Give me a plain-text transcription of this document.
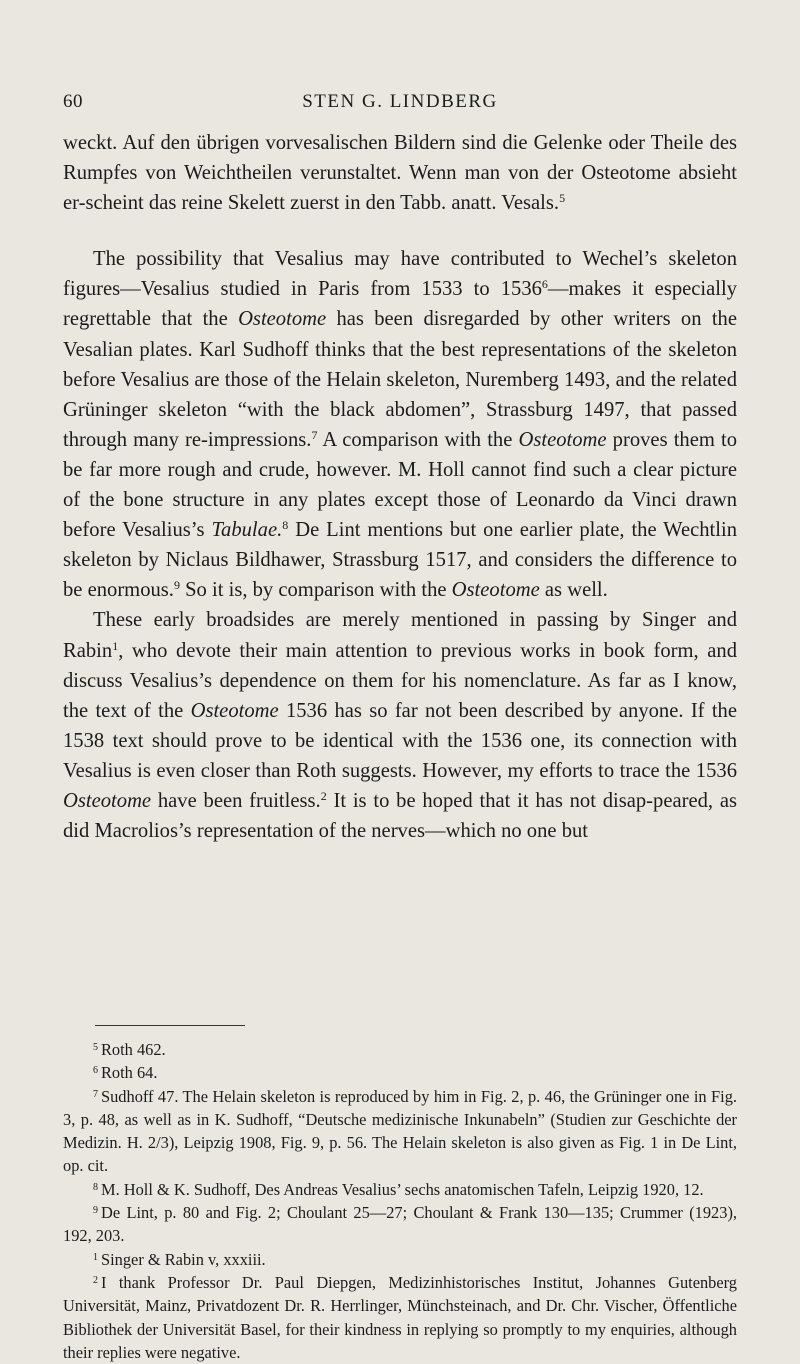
60	STEN G. LINDBERG

weckt. Auf den übrigen vorvesalischen Bildern sind die Gelenke oder Theile des Rumpfes von Weichtheilen verunstaltet. Wenn man von der Osteotome absieht er-scheint das reine Skelett zuerst in den Tabb. anatt. Vesals.$^5$

The possibility that Vesalius may have contributed to Wechel’s skeleton figures—Vesalius studied in Paris from 1533 to 1536$^6$—makes it especially regrettable that the Osteotome has been disregarded by other writers on the Vesalian plates. Karl Sudhoff thinks that the best representations of the skeleton before Vesalius are those of the Helain skeleton, Nuremberg 1493, and the related Grüninger skeleton “with the black abdomen”, Strassburg 1497, that passed through many re-impressions.$^7$ A comparison with the Osteotome proves them to be far more rough and crude, however. M. Holl cannot find such a clear picture of the bone structure in any plates except those of Leonardo da Vinci drawn before Vesalius’s Tabulae.$^8$ De Lint mentions but one earlier plate, the Wechtlin skeleton by Niclaus Bildhawer, Strassburg 1517, and considers the difference to be enormous.$^9$ So it is, by comparison with the Osteotome as well.

These early broadsides are merely mentioned in passing by Singer and Rabin$^1$, who devote their main attention to previous works in book form, and discuss Vesalius’s dependence on them for his nomenclature. As far as I know, the text of the Osteotome 1536 has so far not been described by anyone. If the 1538 text should prove to be identical with the 1536 one, its connection with Vesalius is even closer than Roth suggests. However, my efforts to trace the 1536 Osteotome have been fruitless.$^2$ It is to be hoped that it has not disap-peared, as did Macrolios’s representation of the nerves—which no one but

$^5$ Roth 462.

$^6$ Roth 64.

$^7$ Sudhoff 47. The Helain skeleton is reproduced by him in Fig. 2, p. 46, the Grüninger one in Fig. 3, p. 48, as well as in K. Sudhoff, “Deutsche medizinische Inkunabeln” (Studien zur Geschichte der Medizin. H. 2/3), Leipzig 1908, Fig. 9, p. 56. The Helain skeleton is also given as Fig. 1 in De Lint, op. cit.

$^8$ M. Holl & K. Sudhoff, Des Andreas Vesalius’ sechs anatomischen Tafeln, Leipzig 1920, 12.

$^9$ De Lint, p. 80 and Fig. 2; Choulant 25—27; Choulant & Frank 130—135; Crummer (1923), 192, 203.

$^1$ Singer & Rabin v, xxxiii.

$^2$ I thank Professor Dr. Paul Diepgen, Medizinhistorisches Institut, Johannes Gutenberg Universität, Mainz, Privatdozent Dr. R. Herrlinger, Münchsteinach, and Dr. Chr. Vischer, Öffentliche Bibliothek der Universität Basel, for their kindness in replying so promptly to my enquiries, although their replies were negative.
